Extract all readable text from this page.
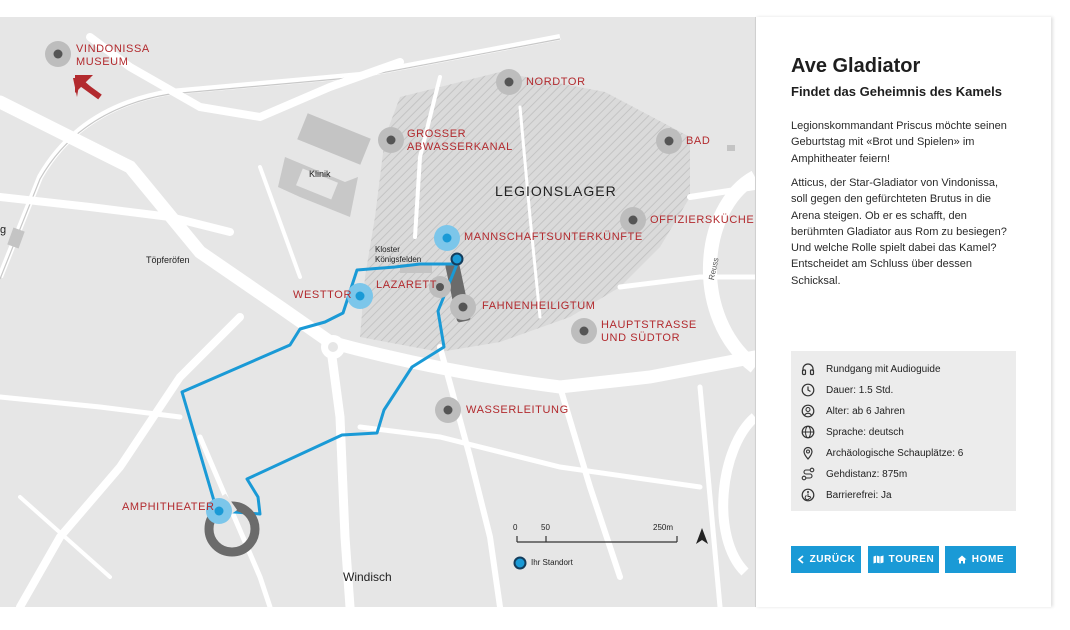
VINDONISSA
MUSEUM
NORDTOR
GROSSER
ABWASSERKANAL	BAD
OFFIZIERSKÜCHE
MANNSCHAFTSUNTERKÜNFTE
WESTTOR
LAZARETT
FAHNENHEILIGTUM
HAUPTSTRASSE
UND SÜDTOR
WASSERLEITUNG
AMPHITHEATER
LEGIONSLAGER
Klinik
Kloster
Königsfelden
Töpferöfen
Windisch
Reuss
g
0	50	250m
Ihr Standort
Ave Gladiator
Findet das Geheimnis des Kamels

Legionskommandant Priscus möchte seinen Geburtstag mit «Brot und Spielen» im Amphitheater feiern!

Atticus, der Star-Gladiator von Vindonissa, soll gegen den gefürchteten Brutus in die Arena steigen. Ob er es schafft, den berühmten Gladiator aus Rom zu besiegen? Und welche Rolle spielt dabei das Kamel? Entscheidet am Schluss über dessen Schicksal.

Rundgang mit Audioguide
Dauer: 1.5 Std.
Alter: ab 6 Jahren
Sprache: deutsch
Archäologische Schauplätze: 6
Gehdistanz: 875m
Barrierefrei: Ja
ZURÜCK	TOUREN	HOME
